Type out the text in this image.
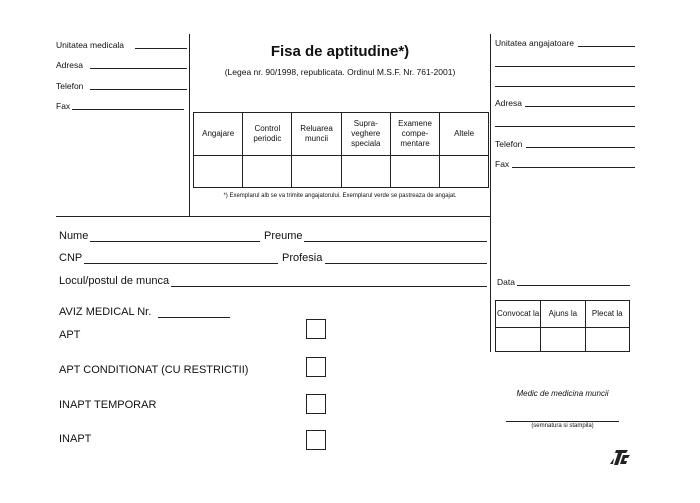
Unitatea medicala
Adresa
Telefon
Fax
Fisa de aptitudine*)
(Legea nr. 90/1998, republicata. Ordinul M.S.F. Nr. 761-2001)
Angajare	Control periodic	Reluarea muncii	Supra-veghere speciala	Examene compe-mentare	Altele

*) Exemplarul alb se va trimite angajatorului. Exemplarul verde se pastreaza de angajat.
Unitatea angajatoare
Adresa
Telefon
Fax
Nume	Preume
CNP	Profesia
Locul/postul de munca	Data
AVIZ MEDICAL Nr.
APT
APT CONDITIONAT (CU RESTRICTII)
INAPT TEMPORAR
INAPT
Convocat la	Ajuns la	Plecat la

Medic de medicina muncii
(semnatura si stampila)
